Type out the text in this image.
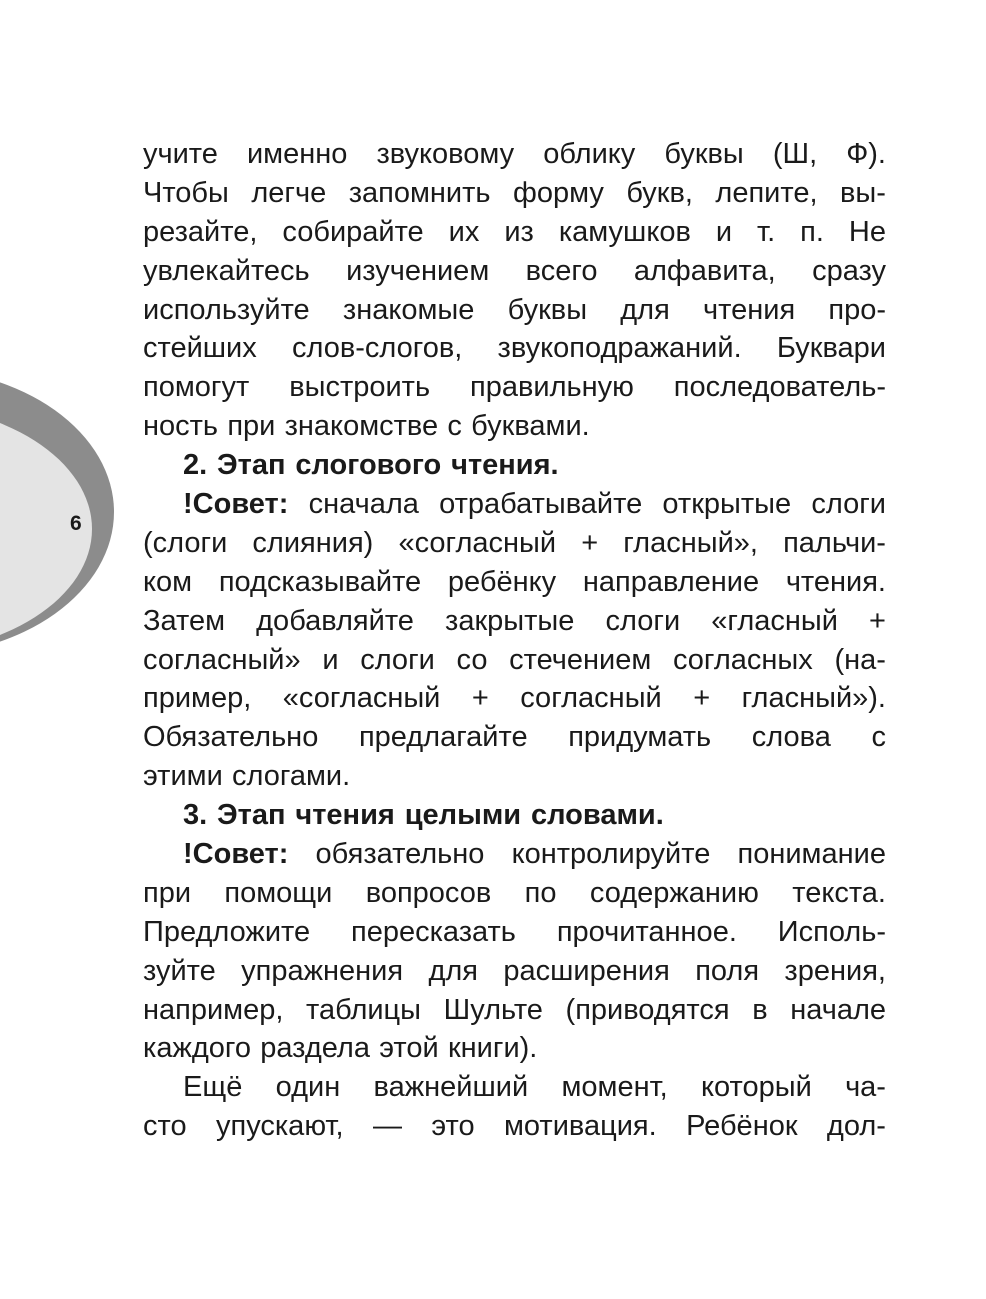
6
учите именно звуковому облику буквы (Ш, Ф).
Чтобы легче запомнить форму букв, лепите, вы-
резайте, собирайте их из камушков и т. п. Не
увлекайтесь изучением всего алфавита, сразу
используйте знакомые буквы для чтения про-
стейших слов-слогов, звукоподражаний. Буквари
помогут выстроить правильную последователь-
ность при знакомстве с буквами.
2. Этап слогового чтения.
!Совет: сначала отрабатывайте открытые слоги
(слоги слияния) «согласный + гласный», пальчи-
ком подсказывайте ребёнку направление чтения.
Затем добавляйте закрытые слоги «гласный +
согласный» и слоги со стечением согласных (на-
пример, «согласный + согласный + гласный»).
Обязательно предлагайте придумать слова с
этими слогами.
3. Этап чтения целыми словами.
!Совет: обязательно контролируйте понимание
при помощи вопросов по содержанию текста.
Предложите пересказать прочитанное. Исполь-
зуйте упражнения для расширения поля зрения,
например, таблицы Шульте (приводятся в начале
каждого раздела этой книги).
Ещё один важнейший момент, который ча-
сто упускают, — это мотивация. Ребёнок дол-
